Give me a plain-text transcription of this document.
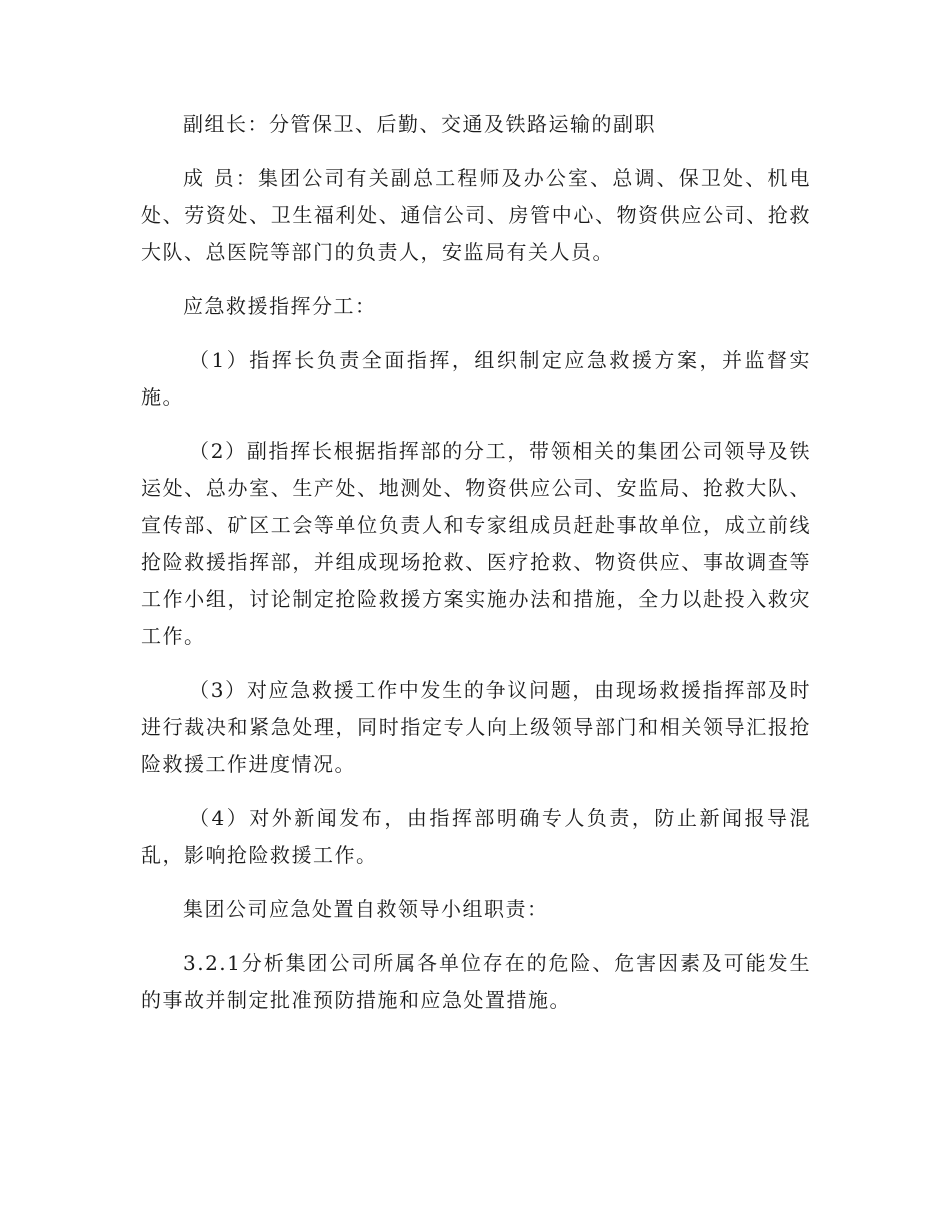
副组长：分管保卫、后勤、交通及铁路运输的副职

成 员：集团公司有关副总工程师及办公室、总调、保卫处、机电处、劳资处、卫生福利处、通信公司、房管中心、物资供应公司、抢救大队、总医院等部门的负责人，安监局有关人员。

应急救援指挥分工：

（1）指挥长负责全面指挥，组织制定应急救援方案，并监督实施。

（2）副指挥长根据指挥部的分工，带领相关的集团公司领导及铁运处、总办室、生产处、地测处、物资供应公司、安监局、抢救大队、宣传部、矿区工会等单位负责人和专家组成员赶赴事故单位，成立前线抢险救援指挥部，并组成现场抢救、医疗抢救、物资供应、事故调查等工作小组，讨论制定抢险救援方案实施办法和措施，全力以赴投入救灾工作。

（3）对应急救援工作中发生的争议问题，由现场救援指挥部及时进行裁决和紧急处理，同时指定专人向上级领导部门和相关领导汇报抢险救援工作进度情况。

（4）对外新闻发布，由指挥部明确专人负责，防止新闻报导混乱，影响抢险救援工作。

集团公司应急处置自救领导小组职责：

3.2.1分析集团公司所属各单位存在的危险、危害因素及可能发生的事故并制定批准预防措施和应急处置措施。
